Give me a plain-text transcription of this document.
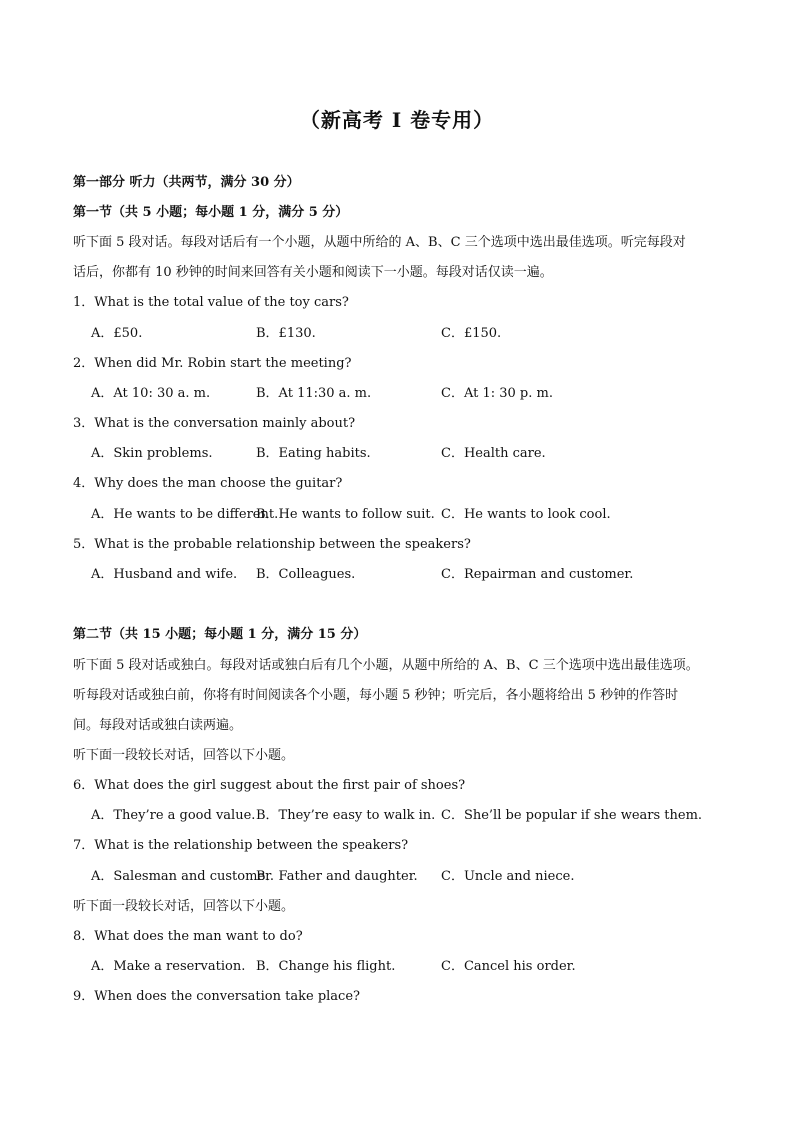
（新高考 I 卷专用）
第一部分 听力（共两节，满分 30 分）
第一节（共 5 小题；每小题 1 分，满分 5 分）
听下面 5 段对话。每段对话后有一个小题，从题中所给的 A、B、C 三个选项中选出最佳选项。听完每段对
话后，你都有 10 秒钟的时间来回答有关小题和阅读下一小题。每段对话仅读一遍。
1．What is the total value of the toy cars?
A．£50.	B．£130.	C．£150.
2．When did Mr. Robin start the meeting?
A．At 10: 30 a. m.	B．At 11:30 a. m.	C．At 1: 30 p. m.
3．What is the conversation mainly about?
A．Skin problems.	B．Eating habits.	C．Health care.
4．Why does the man choose the guitar?
A．He wants to be different.
B．He wants to follow suit. C．He wants to look cool.
5．What is the probable relationship between the speakers?
A．Husband and wife. B．Colleagues.	C．Repairman and customer.
第二节（共 15 小题；每小题 1 分，满分 15 分）
听下面 5 段对话或独白。每段对话或独白后有几个小题，从题中所给的 A、B、C 三个选项中选出最佳选项。
听每段对话或独白前，你将有时间阅读各个小题，每小题 5 秒钟；听完后，各小题将给出 5 秒钟的作答时
间。每段对话或独白读两遍。
听下面一段较长对话，回答以下小题。
6．What does the girl suggest about the first pair of shoes?
A．They’re a good value. B．They’re easy to walk in. C．She’ll be popular if she wears them.
7．What is the relationship between the speakers?
A．Salesman and customer.
B．Father and daughter. C．Uncle and niece.
听下面一段较长对话，回答以下小题。
8．What does the man want to do?
A．Make a reservation. B．Change his flight.	C．Cancel his order.
9．When does the conversation take place?
